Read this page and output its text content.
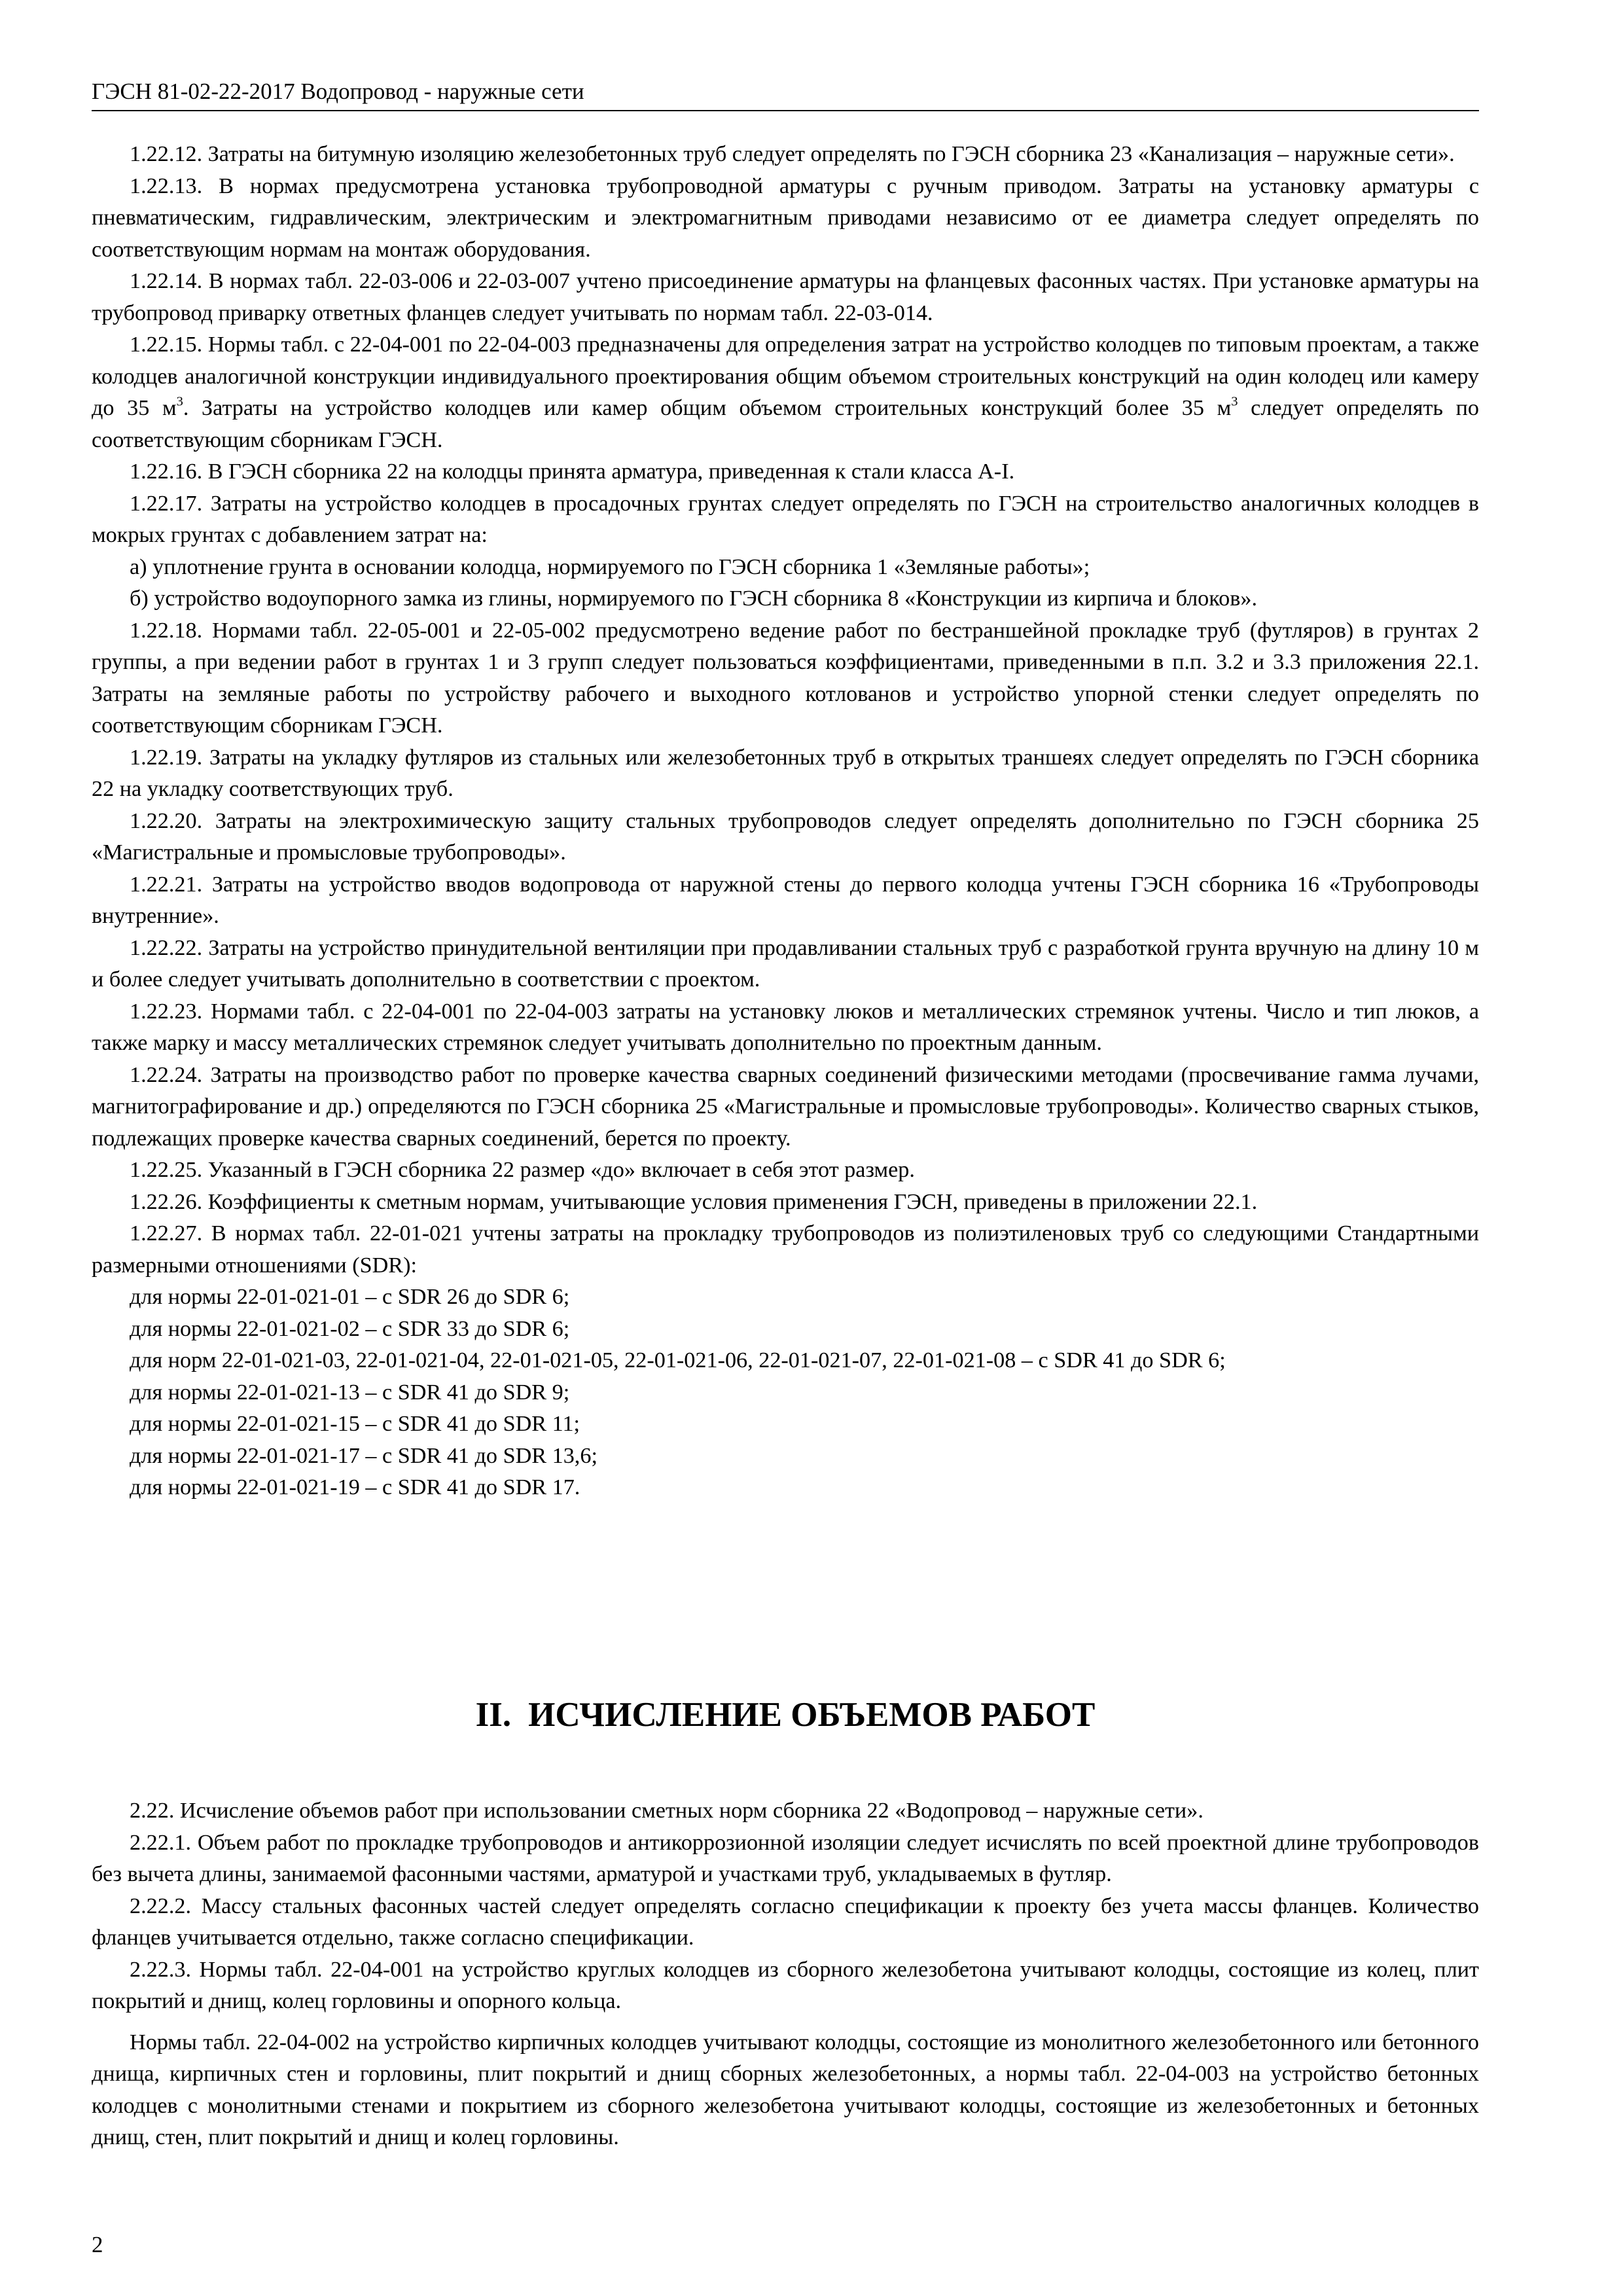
ГЭСН 81-02-22-2017 Водопровод - наружные сети

1.22.12. Затраты на битумную изоляцию железобетонных труб следует определять по ГЭСН сборника 23 «Канализация – наружные сети».

1.22.13. В нормах предусмотрена установка трубопроводной арматуры с ручным приводом. Затраты на установку арматуры с пневматическим, гидравлическим, электрическим и электромагнитным приводами независимо от ее диаметра следует определять по соответствующим нормам на монтаж оборудования.

1.22.14. В нормах табл. 22-03-006 и 22-03-007 учтено присоединение арматуры на фланцевых фасонных частях. При установке арматуры на трубопровод приварку ответных фланцев следует учитывать по нормам табл. 22-03-014.

1.22.15. Нормы табл. с 22-04-001 по 22-04-003 предназначены для определения затрат на устройство колодцев по типовым проектам, а также колодцев аналогичной конструкции индивидуального проектирования общим объемом строительных конструкций на один колодец или камеру до 35 $м^3$. Затраты на устройство колодцев или камер общим объемом строительных конструкций более 35 $м^3$ следует определять по соответствующим сборникам ГЭСН.

1.22.16. В ГЭСН сборника 22 на колодцы принята арматура, приведенная к стали класса A-I.

1.22.17. Затраты на устройство колодцев в просадочных грунтах следует определять по ГЭСН на строительство аналогичных колодцев в мокрых грунтах с добавлением затрат на:

а) уплотнение грунта в основании колодца, нормируемого по ГЭСН сборника 1 «Земляные работы»;

б) устройство водоупорного замка из глины, нормируемого по ГЭСН сборника 8 «Конструкции из кирпича и блоков».

1.22.18. Нормами табл. 22-05-001 и 22-05-002 предусмотрено ведение работ по бестраншейной прокладке труб (футляров) в грунтах 2 группы, а при ведении работ в грунтах 1 и 3 групп следует пользоваться коэффициентами, приведенными в п.п. 3.2 и 3.3 приложения 22.1. Затраты на земляные работы по устройству рабочего и выходного котлованов и устройство упорной стенки следует определять по соответствующим сборникам ГЭСН.

1.22.19. Затраты на укладку футляров из стальных или железобетонных труб в открытых траншеях следует определять по ГЭСН сборника 22 на укладку соответствующих труб.

1.22.20. Затраты на электрохимическую защиту стальных трубопроводов следует определять дополнительно по ГЭСН сборника 25 «Магистральные и промысловые трубопроводы».

1.22.21. Затраты на устройство вводов водопровода от наружной стены до первого колодца учтены ГЭСН сборника 16 «Трубопроводы внутренние».

1.22.22. Затраты на устройство принудительной вентиляции при продавливании стальных труб с разработкой грунта вручную на длину 10 м и более следует учитывать дополнительно в соответствии с проектом.

1.22.23. Нормами табл. с 22-04-001 по 22-04-003 затраты на установку люков и металлических стремянок учтены. Число и тип люков, а также марку и массу металлических стремянок следует учитывать дополнительно по проектным данным.

1.22.24. Затраты на производство работ по проверке качества сварных соединений физическими методами (просвечивание гамма лучами, магнитографирование и др.) определяются по ГЭСН сборника 25 «Магистральные и промысловые трубопроводы». Количество сварных стыков, подлежащих проверке качества сварных соединений, берется по проекту.

1.22.25. Указанный в ГЭСН сборника 22 размер «до» включает в себя этот размер.

1.22.26. Коэффициенты к сметным нормам, учитывающие условия применения ГЭСН, приведены в приложении 22.1.

1.22.27. В нормах табл. 22-01-021 учтены затраты на прокладку трубопроводов из полиэтиленовых труб со следующими Стандартными размерными отношениями (SDR):

для нормы 22-01-021-01 – с SDR 26 до SDR 6;

для нормы 22-01-021-02 – с SDR 33 до SDR 6;

для норм 22-01-021-03, 22-01-021-04, 22-01-021-05, 22-01-021-06, 22-01-021-07, 22-01-021-08 – с SDR 41 до SDR 6;

для нормы 22-01-021-13 – с SDR 41 до SDR 9;

для нормы 22-01-021-15 – с SDR 41 до SDR 11;

для нормы 22-01-021-17 – с SDR 41 до SDR 13,6;

для нормы 22-01-021-19 – с SDR 41 до SDR 17.

II. ИСЧИСЛЕНИЕ ОБЪЕМОВ РАБОТ

2.22. Исчисление объемов работ при использовании сметных норм сборника 22 «Водопровод – наружные сети».

2.22.1. Объем работ по прокладке трубопроводов и антикоррозионной изоляции следует исчислять по всей проектной длине трубопроводов без вычета длины, занимаемой фасонными частями, арматурой и участками труб, укладываемых в футляр.

2.22.2. Массу стальных фасонных частей следует определять согласно спецификации к проекту без учета массы фланцев. Количество фланцев учитывается отдельно, также согласно спецификации.

2.22.3. Нормы табл. 22-04-001 на устройство круглых колодцев из сборного железобетона учитывают колодцы, состоящие из колец, плит покрытий и днищ, колец горловины и опорного кольца.

Нормы табл. 22-04-002 на устройство кирпичных колодцев учитывают колодцы, состоящие из монолитного железобетонного или бетонного днища, кирпичных стен и горловины, плит покрытий и днищ сборных железобетонных, а нормы табл. 22-04-003 на устройство бетонных колодцев с монолитными стенами и покрытием из сборного железобетона учитывают колодцы, состоящие из железобетонных и бетонных днищ, стен, плит покрытий и днищ и колец горловины.

2
